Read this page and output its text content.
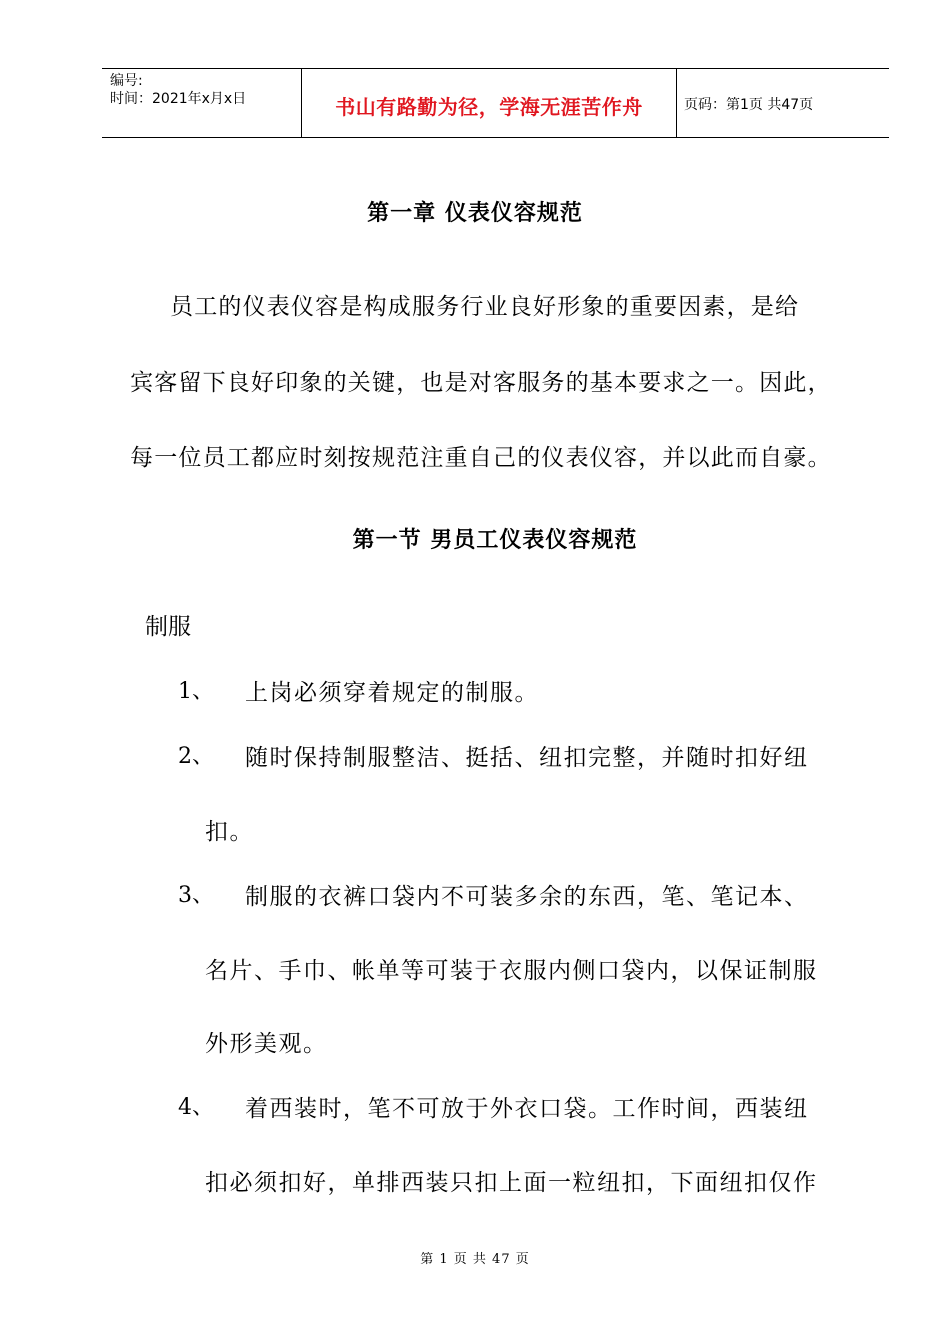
编号:
时间：2021年x月x日	书山有路勤为径，学海无涯苦作舟	页码：第1页 共47页
第一章 仪表仪容规范
员工的仪表仪容是构成服务行业良好形象的重要因素，是给
宾客留下良好印象的关键，也是对客服务的基本要求之一。因此，
每一位员工都应时刻按规范注重自己的仪表仪容，并以此而自豪。
第一节 男员工仪表仪容规范
制服
1、 上岗必须穿着规定的制服。
2、 随时保持制服整洁、挺括、纽扣完整，并随时扣好纽
扣。
3、 制服的衣裤口袋内不可装多余的东西，笔、笔记本、
名片、手巾、帐单等可装于衣服内侧口袋内，以保证制服
外形美观。
4、 着西装时，笔不可放于外衣口袋。工作时间，西装纽
扣必须扣好，单排西装只扣上面一粒纽扣，下面纽扣仅作
第 1 页 共 47 页
